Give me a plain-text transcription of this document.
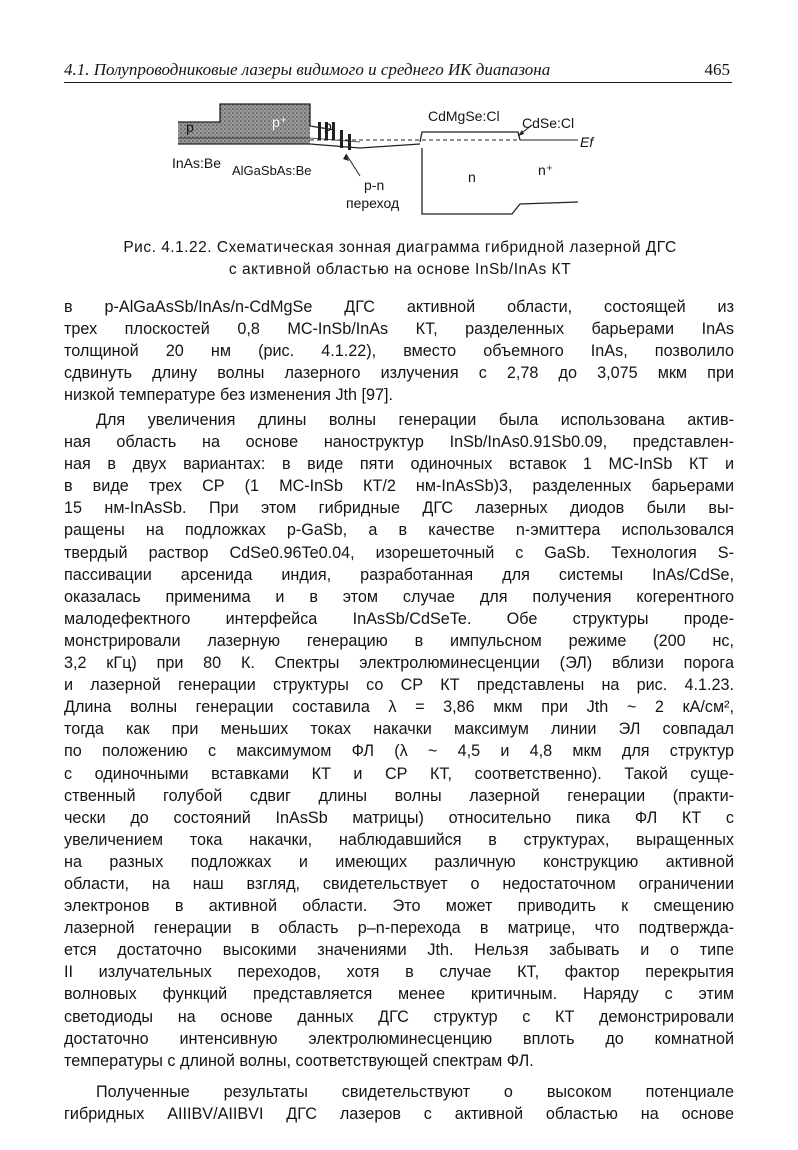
4.1. Полупроводниковые лазеры видимого и среднего ИК диапазона	465
p	p⁺	p
InAs:Be AlGaSbAs:Be
p-n
переход
CdMgSe:Cl CdSe:Cl
Ef
n	n⁺
Рис. 4.1.22. Схематическая зонная диаграмма гибридной лазерной ДГС
с активной областью на основе InSb/InAs КТ
в p-AlGaAsSb/InAs/n-CdMgSe ДГС активной области, состоящей из
трех плоскостей 0,8 МС-InSb/InAs КТ, разделенных барьерами InAs
толщиной 20 нм (рис. 4.1.22), вместо объемного InAs, позволило
сдвинуть длину волны лазерного излучения с 2,78 до 3,075 мкм при
низкой температуре без изменения Jth [97].
Для увеличения длины волны генерации была использована актив-
ная область на основе наноструктур InSb/InAs0.91Sb0.09, представлен-
ная в двух вариантах: в виде пяти одиночных вставок 1 МС-InSb КТ и
в виде трех СР (1 МС-InSb КТ/2 нм-InAsSb)3, разделенных барьерами
15 нм-InAsSb. При этом гибридные ДГС лазерных диодов были вы-
ращены на подложках p-GaSb, а в качестве n-эмиттера использовался
твердый раствор CdSe0.96Te0.04, изорешеточный с GaSb. Технология S-
пассивации арсенида индия, разработанная для системы InAs/CdSe,
оказалась применима и в этом случае для получения когерентного
малодефектного интерфейса InAsSb/CdSeTe. Обе структуры проде-
монстрировали лазерную генерацию в импульсном режиме (200 нс,
3,2 кГц) при 80 К. Спектры электролюминесценции (ЭЛ) вблизи порога
и лазерной генерации структуры со СР КТ представлены на рис. 4.1.23.
Длина волны генерации составила λ = 3,86 мкм при Jth ~ 2 кА/см²,
тогда как при меньших токах накачки максимум линии ЭЛ совпадал
по положению с максимумом ФЛ (λ ~ 4,5 и 4,8 мкм для структур
с одиночными вставками КТ и СР КТ, соответственно). Такой суще-
ственный голубой сдвиг длины волны лазерной генерации (практи-
чески до состояний InAsSb матрицы) относительно пика ФЛ КТ с
увеличением тока накачки, наблюдавшийся в структурах, выращенных
на разных подложках и имеющих различную конструкцию активной
области, на наш взгляд, свидетельствует о недостаточном ограничении
электронов в активной области. Это может приводить к смещению
лазерной генерации в область p–n-перехода в матрице, что подтвержда-
ется достаточно высокими значениями Jth. Нельзя забывать и о типе
II излучательных переходов, хотя в случае КТ, фактор перекрытия
волновых функций представляется менее критичным. Наряду с этим
светодиоды на основе данных ДГС структур с КТ демонстрировали
достаточно интенсивную электролюминесценцию вплоть до комнатной
температуры с длиной волны, соответствующей спектрам ФЛ.
Полученные результаты свидетельствуют о высоком потенциале
гибридных AIIIBV/AIIBVI ДГС лазеров с активной областью на основе
